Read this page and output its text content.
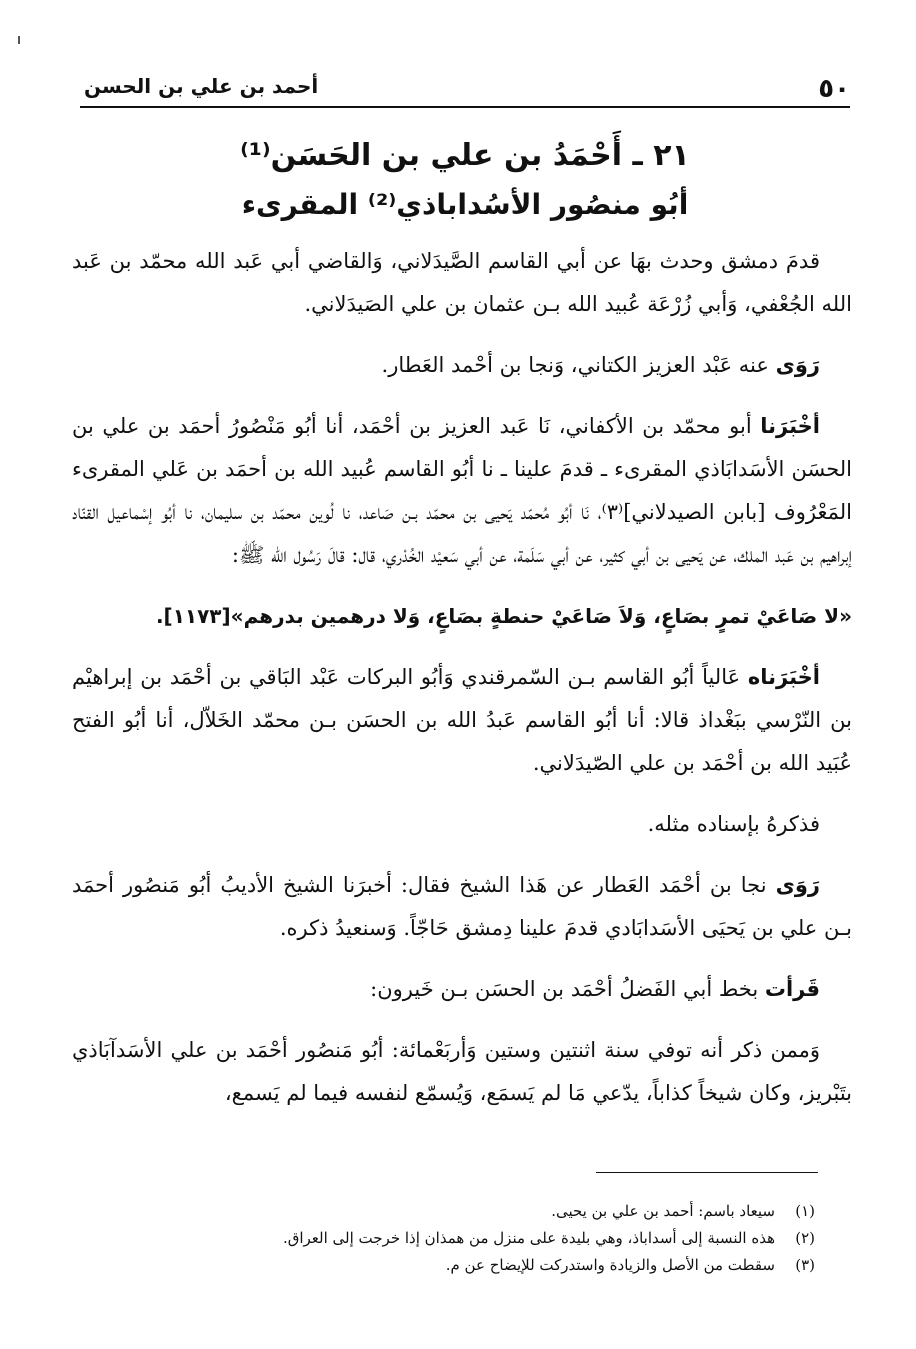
٥٠
أحمد بن علي بن الحسن
٢١ ـ أَحْمَدُ بن علي بن الحَسَن⁽¹⁾
أبُو منصُور الأسُداباذي⁽²⁾ المقرىء

قدمَ دمشق وحدث بهَا عن أبي القاسم الصَّيدَلاني، وَالقاضي أبي عَبد الله محمّد بن عَبد الله الجُعْفي، وَأبي زُرْعَة عُبيد الله بـن عثمان بن علي الصَيدَلاني.

رَوَى عنه عَبْد العزيز الكتاني، وَنجا بن أحْمد العَطار.

أخْبَرَنا أبو محمّد بن الأكفاني، نَا عَبد العزيز بن أحْمَد، أنا أبُو مَنْصُورُ أحمَد بن علي بن الحسَن الأسَدابَاذي المقرىء ـ قدمَ علينا ـ نا أبُو القاسم عُبيد الله بن أحمَد بن عَلي المقرىء المَعْرُوف [بابن الصيدلاني]⁽٣⁾، نَا أبُو مُحمّد يَحيى بن محمّد بـن صَاعد، نا لُوين محمّد بن سليمان، نا أبُو إسْماعيل القنّاد إبراهيم بن عَبد الملك، عن يَحيى بن أبي كثير، عن أبي سَلَمة، عن أبي سَعيْد الخُدْري، قال: قالَ رَسُول الله ﷺ:

«لا صَاعَيْ تمرٍ بصَاعٍ، وَلاَ صَاعَيْ حنطةٍ بصَاعٍ، وَلا درهمين بدرهم»[١١٧٣].

أخْبَرَناه عَالياً أبُو القاسم بـن السّمرقندي وَأبُو البركات عَبْد البَاقي بن أحْمَد بن إبراهيْم بن النّرْسي ببَغْداذ قالا: أنا أبُو القاسم عَبدُ الله بن الحسَن بـن محمّد الخَلاّل، أنا أبُو الفتح عُبَيد الله بن أحْمَد بن علي الصّيدَلاني.

فذكرهُ بإسناده مثله.

رَوَى نجا بن أحْمَد العَطار عن هَذا الشيخ فقال: أخبرَنا الشيخ الأديبُ أبُو مَنصُور أحمَد بـن علي بن يَحيَى الأسَدابَادي قدمَ علينا دِمشق حَاجّاً. وَسنعيدُ ذكره.

قَرأت بخط أبي الفَضلُ أحْمَد بن الحسَن بـن خَيرون:

وَممن ذكر أنه توفي سنة اثنتين وستين وَأربَعْمائة: أبُو مَنصُور أحْمَد بن علي الأسَدآبَاذي بتَبْريز، وكان شيخاً كذاباً، يدّعي مَا لم يَسمَع، وَيُسمّع لنفسه فيما لم يَسمع،

(١)سيعاد باسم: أحمد بن علي بن يحيى.
(٢)هذه النسبة إلى أسداباذ، وهي بليدة على منزل من همذان إذا خرجت إلى العراق.
(٣)سقطت من الأصل والزيادة واستدركت للإيضاح عن م.
